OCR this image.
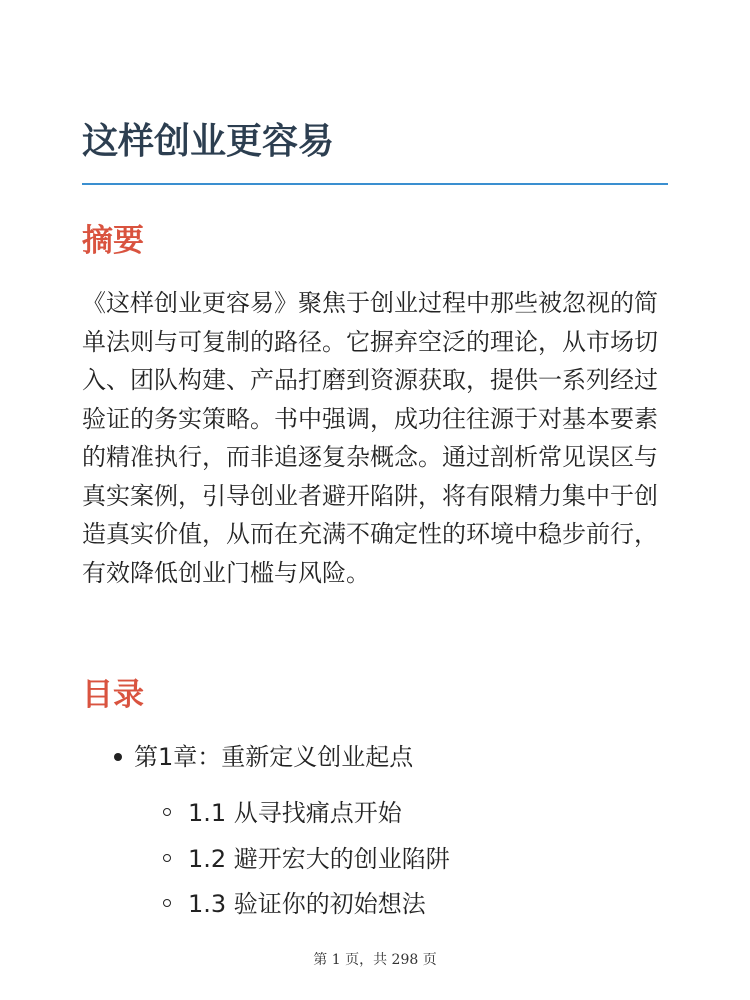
这样创业更容易
摘要

《这样创业更容易》聚焦于创业过程中那些被忽视的简单法则与可复制的路径。它摒弃空泛的理论，从市场切入、团队构建、产品打磨到资源获取，提供一系列经过验证的务实策略。书中强调，成功往往源于对基本要素的精准执行，而非追逐复杂概念。通过剖析常见误区与真实案例，引导创业者避开陷阱，将有限精力集中于创造真实价值，从而在充满不确定性的环境中稳步前行，有效降低创业门槛与风险。

目录
第1章：重新定义创业起点
1.1 从寻找痛点开始
1.2 避开宏大的创业陷阱
1.3 验证你的初始想法
第 1 页，共 298 页
